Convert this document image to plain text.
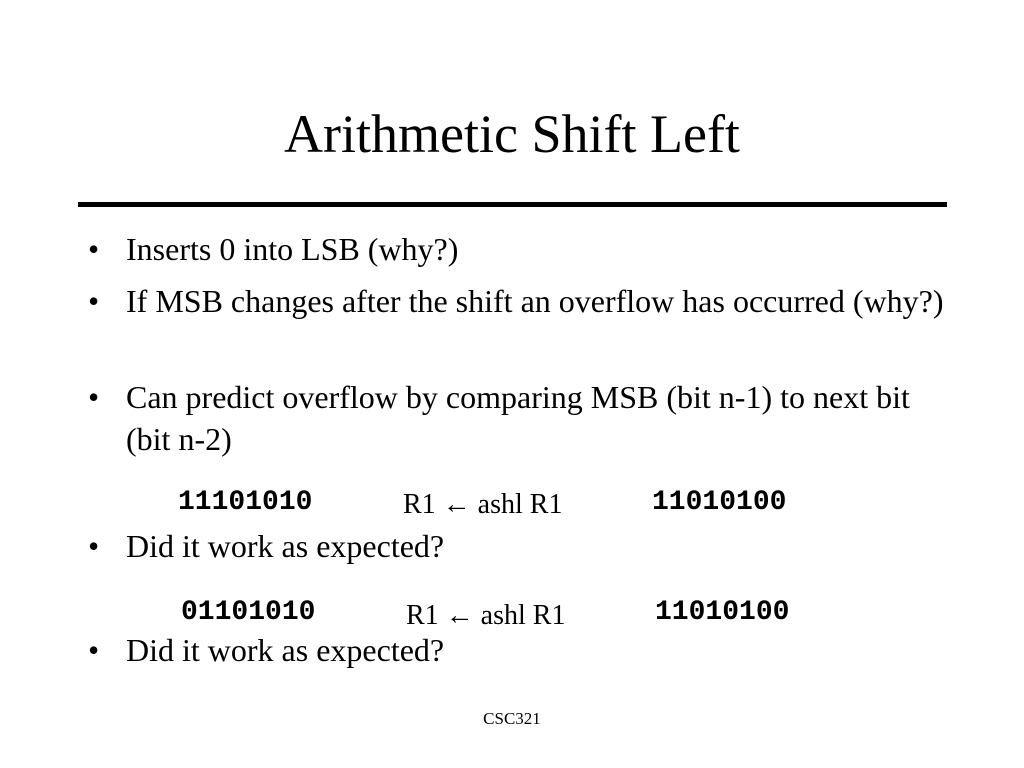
Arithmetic Shift Left
• Inserts 0 into LSB (why?)
• If MSB changes after the shift an overflow has occurred (why?)
• Can predict overflow by comparing MSB (bit n-1) to next bit (bit n-2)
11101010	R1 ← ashl R1	11010100
• Did it work as expected?
01101010	R1 ← ashl R1	11010100
• Did it work as expected?
CSC321
